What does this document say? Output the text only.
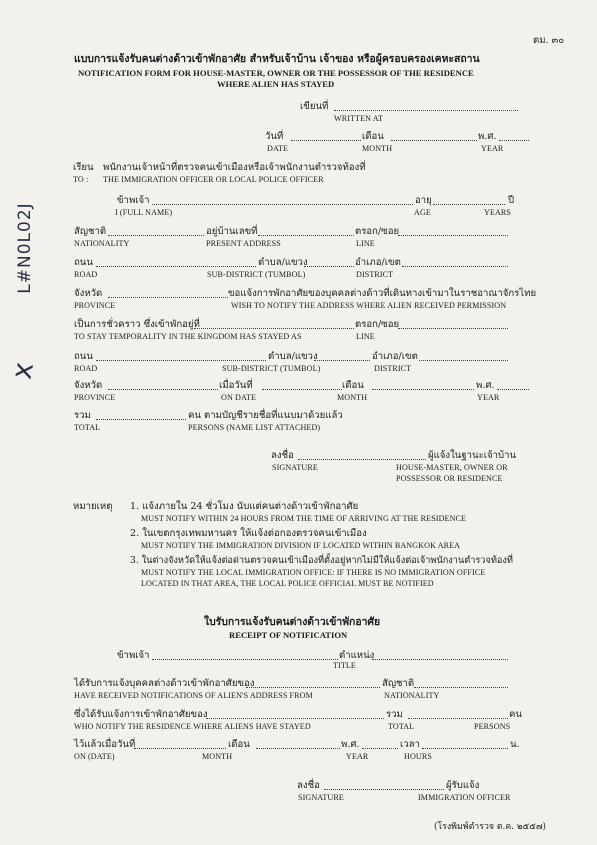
ตม. ๓๐
แบบการแจ้งรับคนต่างด้าวเข้าพักอาศัย สำหรับเจ้าบ้าน เจ้าของ หรือผู้ครอบครองเคหะสถาน
NOTIFICATION FORM FOR HOUSE-MASTER, OWNER OR THE POSSESSOR OF THE RESIDENCE
WHERE ALIEN HAS STAYED
เขียนที่
WRITTEN AT
วันที่	เดือน	พ.ศ.
DATE	MONTH	YEAR
เรียน พนักงานเจ้าหน้าที่ตรวจคนเข้าเมืองหรือเจ้าพนักงานตำรวจท้องที่
TO : THE IMMIGRATION OFFICER OR LOCAL POLICE OFFICER
ข้าพเจ้า	อายุ	ปี
I (FULL NAME)	AGE	YEARS
สัญชาติ	อยู่บ้านเลขที่	ตรอก/ซอย
NATIONALITY	PRESENT ADDRESS	LINE
ถนน	ตำบล/แขวง	อำเภอ/เขต
ROAD	SUB-DISTRICT (TUMBOL)	DISTRICT
จังหวัด	ขอแจ้งการพักอาศัยของบุคคลต่างด้าวที่เดินทางเข้ามาในราชอาณาจักรไทย
PROVINCE	WISH TO NOTIFY THE ADDRESS WHERE ALIEN RECEIVED PERMISSION
เป็นการชั่วคราว ซึ่งเข้าพักอยู่ที่	ตรอก/ซอย
TO STAY TEMPORALITY IN THE KINGDOM HAS STAYED AS	LINE
ถนน	ตำบล/แขวง	อำเภอ/เขต
ROAD	SUB-DISTRICT (TUMBOL)	DISTRICT
จังหวัด	เมื่อวันที่	เดือน	พ.ศ.
PROVINCE	ON DATE	MONTH	YEAR
รวม	คน ตามบัญชีรายชื่อที่แนบมาด้วยแล้ว
TOTAL	PERSONS (NAME LIST ATTACHED)
ลงชื่อ	ผู้แจ้งในฐานะเจ้าบ้าน
SIGNATURE	HOUSE-MASTER, OWNER OR
POSSESSOR OR RESIDENCE
หมายเหตุ 1. แจ้งภายใน 24 ชั่วโมง นับแต่คนต่างด้าวเข้าพักอาศัย
MUST NOTIFY WITHIN 24 HOURS FROM THE TIME OF ARRIVING AT THE RESIDENCE
2. ในเขตกรุงเทพมหานคร ให้แจ้งต่อกองตรวจคนเข้าเมือง
MUST NOTIFY THE IMMIGRATION DIVISION IF LOCATED WITHIN BANGKOK AREA
3. ในต่างจังหวัดให้แจ้งต่อด่านตรวจคนเข้าเมืองที่ตั้งอยู่หากไม่มีให้แจ้งต่อเจ้าพนักงานตำรวจท้องที่
MUST NOTIFY THE LOCAL IMMIGRATION OFFICE: IF THERE IS NO IMMIGRATION OFFICE
LOCATED IN THAT AREA, THE LOCAL POLICE OFFICIAL MUST BE NOTIFIED
ใบรับการแจ้งรับคนต่างด้าวเข้าพักอาศัย
RECEIPT OF NOTIFICATION
ข้าพเจ้า	ตำแหน่ง
TITLE
ได้รับการแจ้งบุคคลต่างด้าวเข้าพักอาศัยของ	สัญชาติ
HAVE RECEIVED NOTIFICATIONS OF ALIEN'S ADDRESS FROM	NATIONALITY
ซึ่งได้รับแจ้งการเข้าพักอาศัยของ	รวม	คน
WHO NOTIFY THE RESIDENCE WHERE ALIENS HAVE STAYED	TOTAL	PERSONS
ไว้แล้วเมื่อวันที่	เดือน	พ.ศ.	เวลา	น.
ON (DATE)	MONTH	YEAR	HOURS
ลงชื่อ	ผู้รับแจ้ง
SIGNATURE	IMMIGRATION OFFICER
(โรงพิมพ์ตำรวจ ต.ค. ๒๕๕๗)
L#N0L02J
x
